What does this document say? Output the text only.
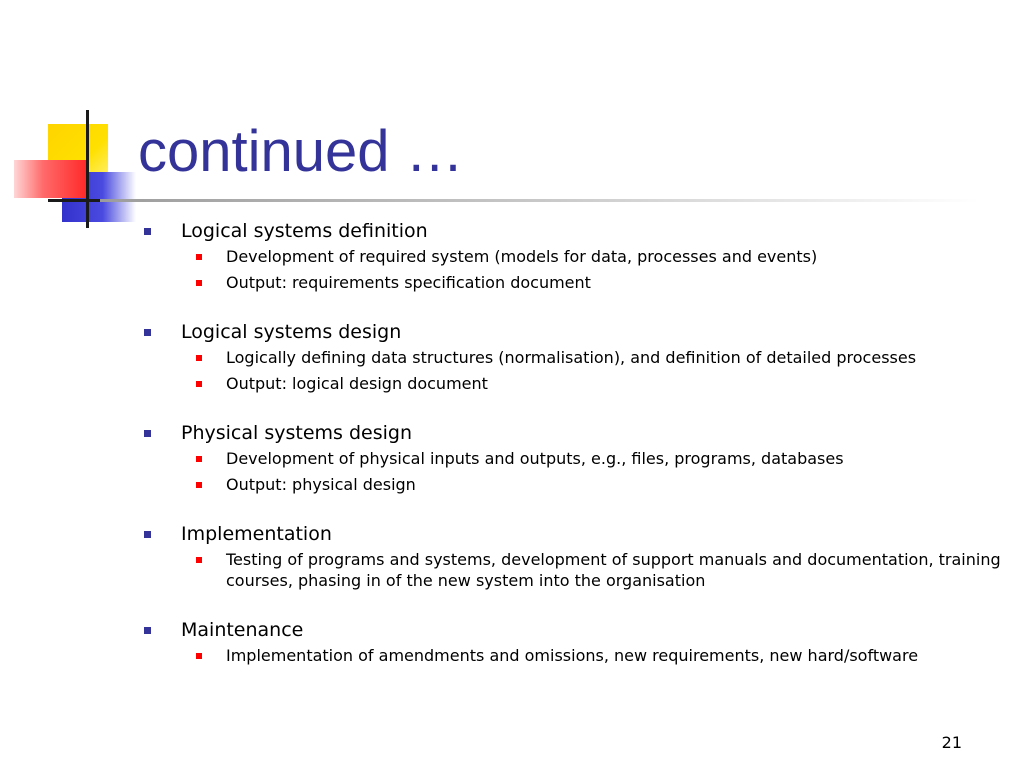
continued …
Logical systems definition
Development of required system (models for data, processes and events)
Output: requirements specification document
Logical systems design
Logically defining data structures (normalisation), and definition of detailed processes
Output: logical design document
Physical systems design
Development of physical inputs and outputs, e.g., files, programs, databases
Output: physical design
Implementation
Testing of programs and systems, development of support manuals and documentation, training courses, phasing in of the new system into the organisation
Maintenance
Implementation of amendments and omissions, new requirements, new hard/software
21
